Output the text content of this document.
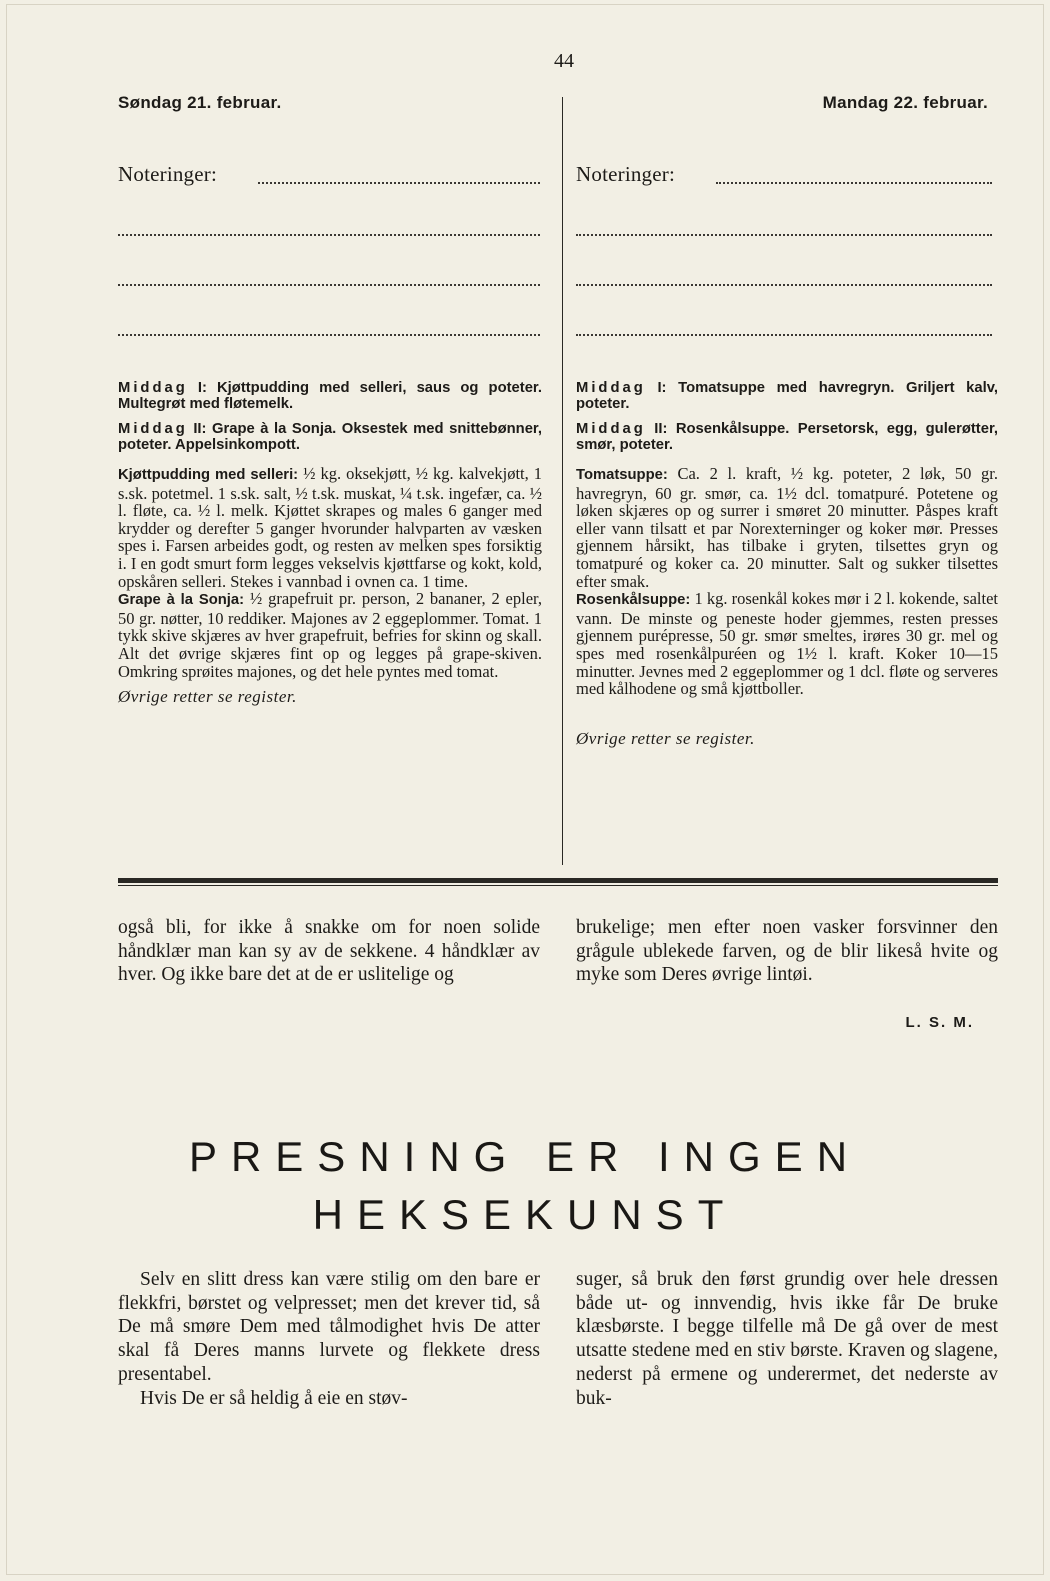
44
Søndag 21. februar.	Mandag 22. februar.
Noteringer:	Noteringer:

Middag I: Kjøttpudding med selleri, saus og poteter. Multegrøt med fløtemelk.

Middag II: Grape à la Sonja. Oksestek med snittebønner, poteter. Appelsinkompott.

Kjøttpudding med selleri: ½ kg. oksekjøtt, ½ kg. kalvekjøtt, 1 s.sk. potetmel. 1 s.sk. salt, ½ t.sk. muskat, ¼ t.sk. ingefær, ca. ½ l. fløte, ca. ½ l. melk. Kjøttet skrapes og males 6 ganger med krydder og derefter 5 ganger hvorunder halvparten av væsken spes i. Farsen arbeides godt, og resten av melken spes forsiktig i. I en godt smurt form legges vekselvis kjøttfarse og kokt, kold, opskåren selleri. Stekes i vannbad i ovnen ca. 1 time.

Grape à la Sonja: ½ grapefruit pr. person, 2 bananer, 2 epler, 50 gr. nøtter, 10 reddiker. Majones av 2 eggeplommer. Tomat. 1 tykk skive skjæres av hver grapefruit, befries for skinn og skall. Alt det øvrige skjæres fint op og legges på grape-skiven. Omkring sprøites majones, og det hele pyntes med tomat.

Øvrige retter se register.

Middag I: Tomatsuppe med havregryn. Griljert kalv, poteter.

Middag II: Rosenkålsuppe. Persetorsk, egg, gulerøtter, smør, poteter.

Tomatsuppe: Ca. 2 l. kraft, ½ kg. poteter, 2 løk, 50 gr. havregryn, 60 gr. smør, ca. 1½ dcl. tomatpuré. Potetene og løken skjæres op og surrer i smøret 20 minutter. Påspes kraft eller vann tilsatt et par Norexterninger og koker mør. Presses gjennem hårsikt, has tilbake i gryten, tilsettes gryn og tomatpuré og koker ca. 20 minutter. Salt og sukker tilsettes efter smak.

Rosenkålsuppe: 1 kg. rosenkål kokes mør i 2 l. kokende, saltet vann. De minste og peneste hoder gjemmes, resten presses gjennem purépresse, 50 gr. smør smeltes, irøres 30 gr. mel og spes med rosenkålpuréen og 1½ l. kraft. Koker 10—15 minutter. Jevnes med 2 eggeplommer og 1 dcl. fløte og serveres med kålhodene og små kjøttboller.

Øvrige retter se register.

også bli, for ikke å snakke om for noen solide håndklær man kan sy av de sekkene. 4 håndklær av hver. Og ikke bare det at de er uslitelige og

brukelige; men efter noen vasker forsvinner den grågule ublekede farven, og de blir likeså hvite og myke som Deres øvrige lintøi.

L. S. M.
PRESNING ER INGEN
HEKSEKUNST

Selv en slitt dress kan være stilig om den bare er flekkfri, børstet og velpresset; men det krever tid, så De må smøre Dem med tålmodighet hvis De atter skal få Deres manns lurvete og flekkete dress presentabel.

Hvis De er så heldig å eie en støv-

suger, så bruk den først grundig over hele dressen både ut- og innvendig, hvis ikke får De bruke klæsbørste. I begge tilfelle må De gå over de mest utsatte stedene med en stiv børste. Kraven og slagene, nederst på ermene og underermet, det nederste av buk-
